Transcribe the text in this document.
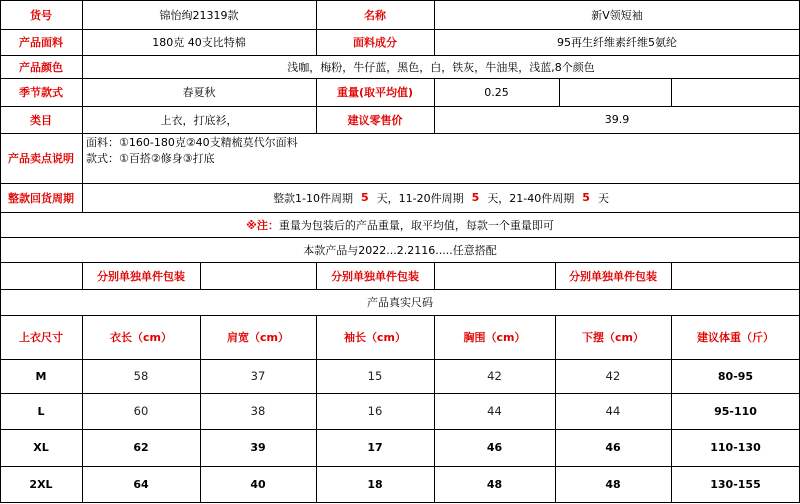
货号	锦怡绚21319款	名称	新V领短袖
产品面料	180克 40支比特棉	面料成分	95再生纤维素纤维5氨纶
产品颜色	浅咖，梅粉，牛仔蓝，黑色，白，铁灰，牛油果，浅蓝,8个颜色
季节款式	春夏秋	重量(取平均值)	0.25
类目	上衣，打底衫，	建议零售价	39.9
产品卖点说明
面料：①160-180克②40支精梳莫代尔面料
款式：①百搭②修身③打底
整款回货周期	整款1-10件周期 5 天，11-20件周期 5 天，21-40件周期 5 天
※注： 重量为包装后的产品重量，取平均值，每款一个重量即可
本款产品与2022...2.2116.....任意搭配
分别单独单件包装	分别单独单件包装	分别单独单件包装
产品真实尺码
上衣尺寸	衣长（cm）	肩宽（cm）	袖长（cm）	胸围（cm）	下摆（cm）	建议体重（斤）
M	58	37	15	42	42	80-95
L	60	38	16	44	44	95-110
XL	62	39	17	46	46	110-130
2XL	64	40	18	48	48	130-155
